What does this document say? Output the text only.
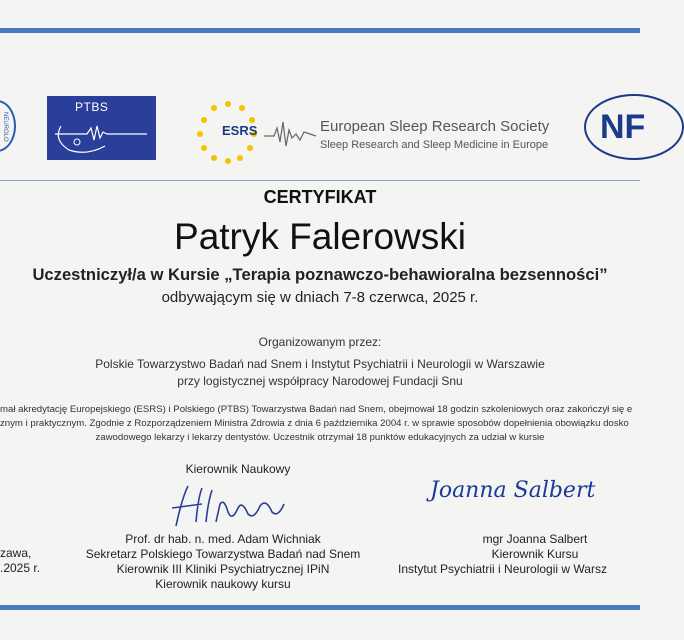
NEUROLO
PTBS
ESRS	European Sleep Research Society
Sleep Research and Sleep Medicine in Europe NF
CERTYFIKAT
Patryk Falerowski
Uczestniczył/a w Kursie „Terapia poznawczo-behawioralna bezsenności”
odbywającym się w dniach 7-8 czerwca, 2025 r.
Organizowanym przez:
Polskie Towarzystwo Badań nad Snem i Instytut Psychiatrii i Neurologii w Warszawie
przy logistycznej współpracy Narodowej Fundacji Snu
mał akredytację Europejskiego (ESRS) i Polskiego (PTBS) Towarzystwa Badań nad Snem, obejmował 18 godzin szkoleniowych oraz zakończył się e
znym i praktycznym. Zgodnie z Rozporządzeniem Ministra Zdrowia z dnia 6 października 2004 r. w sprawie sposobów dopełnienia obowiązku dosko
zawodowego lekarzy i lekarzy dentystów. Uczestnik otrzymał 18 punktów edukacyjnych za udział w kursie
Kierownik Naukowy
Prof. dr hab. n. med. Adam Wichniak
Sekretarz Polskiego Towarzystwa Badań nad Snem
Kierownik III Kliniki Psychiatrycznej IPiN
Kierownik naukowy kursu
Joanna Salbert
mgr Joanna Salbert
Kierownik Kursu
Instytut Psychiatrii i Neurologii w Warsz
zawa,
.2025 r.
